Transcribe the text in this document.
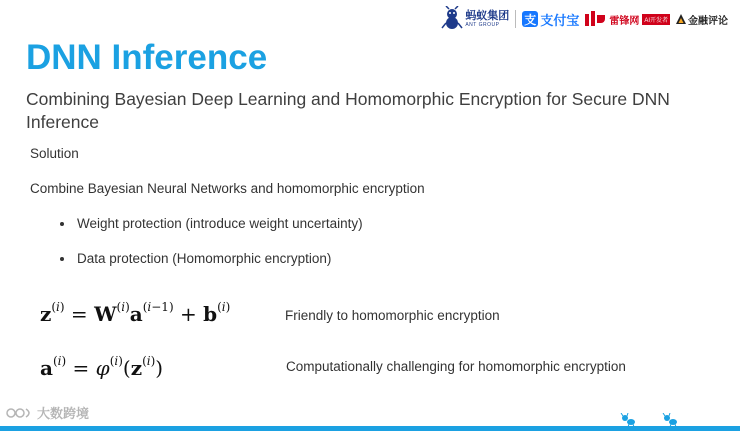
蚂蚁集团
ANT GROUP	支 支付宝	雷锋网 AI开发者 金融评论
DNN Inference
Combining Bayesian Deep Learning and Homomorphic Encryption for Secure DNN Inference
Solution
Combine Bayesian Neural Networks and homomorphic encryption
Weight protection (introduce weight uncertainty)
Data protection (Homomorphic encryption)
$z^{(i)} = W^{(i)}a^{(i-1)} + b^{(i)}$
Friendly to homomorphic encryption
$a^{(i)} = \varphi^{(i)}(z^{(i)})$	Computationally challenging for homomorphic encryption
大数跨境
